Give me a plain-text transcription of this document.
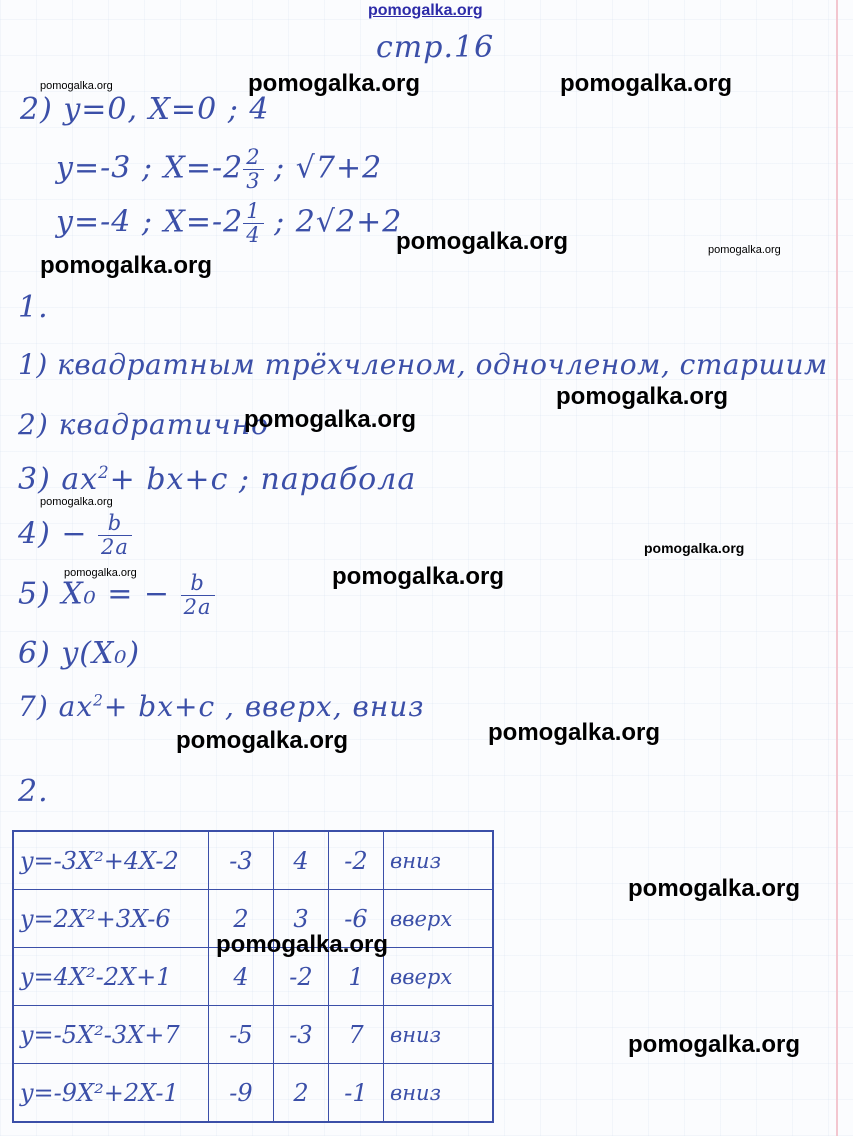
pomogalka.org
стр.16
2) y=0, X=0 ; 4
y=-3 ; $X=-2 \frac{2}{3}$ ; √7+2
y=-4 ; $X=-2 \frac{1}{4}$ ; 2√2+2
1.
1) квадратным трёхчленом, одночленом, старшим
2) квадратично
3) $ax^2+ bx+c$ ; парабола
$4) - \frac{b}{2a}$
5) X₀ = − $\frac{b}{2a}$
6) y(X₀)
7) $ax^2+ bx+c$ , вверх, вниз
2.
y=-3X²+4X-2	-3	4	-2	вниз
y=2X²+3X-6	2	3	-6	вверх
y=4X²-2X+1	4	-2	1	вверх
y=-5X²-3X+7	-5	-3	7	вниз
y=-9X²+2X-1	-9	2	-1	вниз
pomogalka.org	pomogalka.org	pomogalka.org
pomogalka.org	pomogalka.org
pomogalka.org
pomogalka.org
pomogalka.org
pomogalka.org
pomogalka.org
pomogalka.org	pomogalka.org
pomogalka.org
pomogalka.org
pomogalka.org
pomogalka.org
pomogalka.org
